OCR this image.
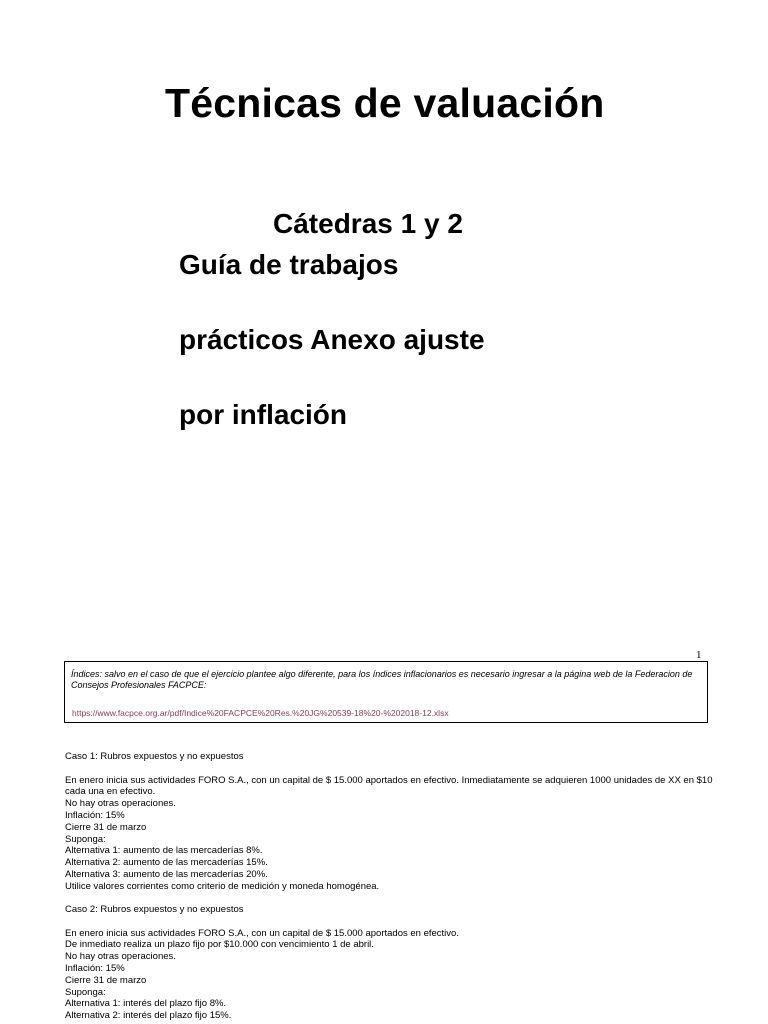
Técnicas de valuación
Cátedras 1 y 2
Guía de trabajos
prácticos Anexo ajuste
por inflación
1
Índices: salvo en el caso de que el ejercicio plantee algo diferente, para los índices inflacionarios es necesario ingresar a la página web de la Federacion de Consejos Profesionales FACPCE:
https://www.facpce.org.ar/pdf/Indice%20FACPCE%20Res.%20JG%20539-18%20-%202018-12.xlsx

Caso 1: Rubros expuestos y no expuestos

En enero inicia sus actividades FORO S.A., con un capital de $ 15.000 aportados en efectivo. Inmediatamente se adquieren 1000 unidades de XX en $10 cada una en efectivo.

No hay otras operaciones.

Inflación: 15%

Cierre 31 de marzo

Suponga:

Alternativa 1: aumento de las mercaderías 8%.

Alternativa 2: aumento de las mercaderías 15%.

Alternativa 3: aumento de las mercaderías 20%.

Utilice valores corrientes como criterio de medición y moneda homogénea.

Caso 2: Rubros expuestos y no expuestos

En enero inicia sus actividades FORO S.A., con un capital de $ 15.000 aportados en efectivo.

De inmediato realiza un plazo fijo por $10.000 con vencimiento 1 de abril.

No hay otras operaciones.

Inflación: 15%

Cierre 31 de marzo

Suponga:

Alternativa 1: interés del plazo fijo 8%.

Alternativa 2: interés del plazo fijo 15%.
